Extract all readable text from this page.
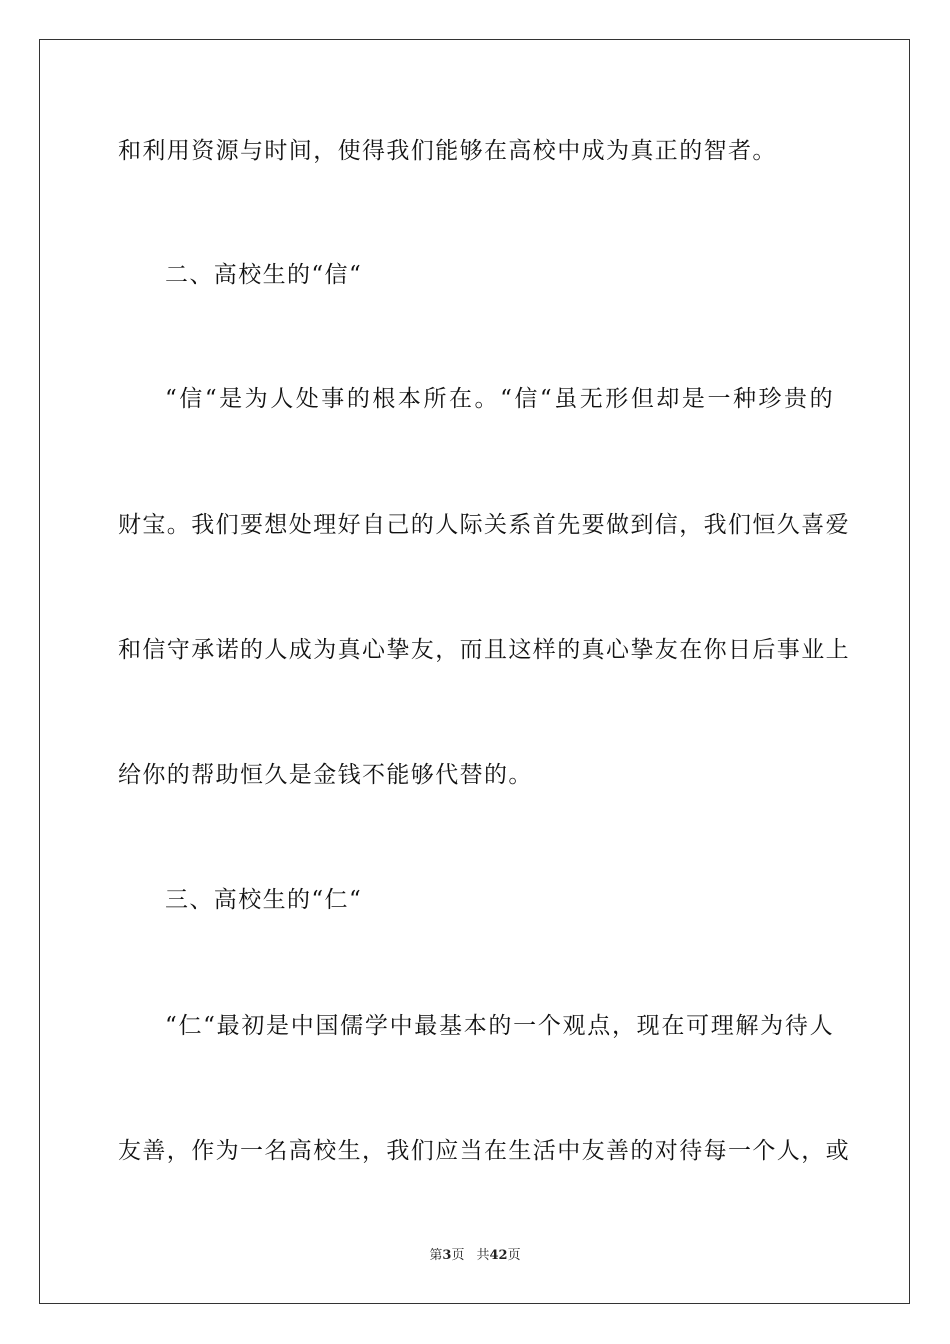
和利用资源与时间，使得我们能够在高校中成为真正的智者。
二、高校生的“信“
“信“是为人处事的根本所在。“信“虽无形但却是一种珍贵的
财宝。我们要想处理好自己的人际关系首先要做到信，我们恒久喜爱
和信守承诺的人成为真心挚友，而且这样的真心挚友在你日后事业上
给你的帮助恒久是金钱不能够代替的。
三、高校生的“仁“
“仁“最初是中国儒学中最基本的一个观点，现在可理解为待人
友善，作为一名高校生，我们应当在生活中友善的对待每一个人，或
第3页 共42页
